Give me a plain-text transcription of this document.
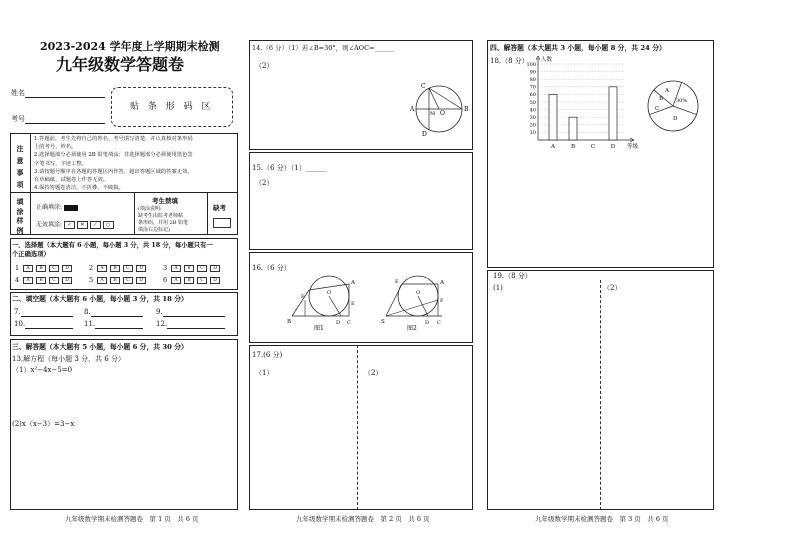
2023-2024 学年度上学期期末检测
九年级数学答题卷
姓名
考号
贴 条 形 码 区
注意事项
1.答题前，考生先将自己的姓名、考号填写清楚，并认真核对条形码
上的考号、姓名。
2.选择题部分必须使用 2B 铅笔填涂；非选择题部分必须使用黑色签
字笔书写，字迹工整。
3.请按题号顺序在各题的答题区内作答，超出答题区域的答案无效，
在草稿纸、试题卷上作答无效。
4.保持答题卷清洁，不折叠，不破损。
填涂样例
正确填涂:
无效填涂: ✓ ✕ ⁄ ○
考生禁填
(填涂说明:
缺考生由监考老师粘
条形码，并用 2B 铅笔
填涂右边标记)
缺考
一、选择题（本大题有 6 小题，每小题 3 分，共 18 分，每小题只有一
个正确选项）
1 A B C D	2 A B C D	3 A B C D
4 A B C D	5 A B C D	6 A B C D
二、填空题（本大题有 6 小题，每小题 3 分，共 18 分）
7.	8.	9.
10.	11.	12.
三、解答题（本大题有 5 小题，每小题 6 分，共 30 分）
13.解方程（每小题 3 分，共 6 分）
（1）x²−4x−5=0
(2)x（x−3）=3−x
九年级数学期末检测答题卷　第 1 页　共 6 页
14.（6 分）（1）若∠B=30°，则∠AOC=______
（2）
C
A	B
O
M
D
15.（6 分）（1）______
（2）
16.（6 分）
B
A
O
E
D C
F
图1
S
A
O
F
D C
E
图2
17.(6 分)
（1）	（2）
九年级数学期末检测答题卷　第 2 页　共 6 页
四、解答题（本大题共 3 小题，每小题 8 分，共 24 分）
18.（8 分） 人数
等级
10
20
30
40
50
60
70
80
90
100
A	B	C	D
A
B
C
D
30%
19.（8 分）
(1)	（2）
九年级数学期末检测答题卷　第 3 页　共 6 页
